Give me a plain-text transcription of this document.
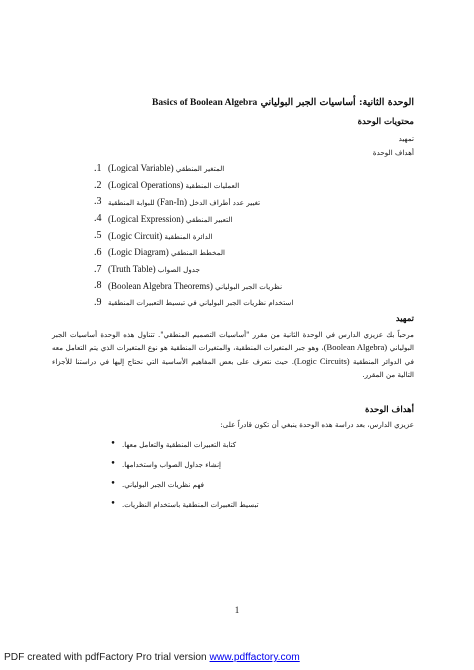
الوحدة الثانية: أساسيات الجبر البولياني Basics of Boolean Algebra
محتويات الوحدة
تمهيد
أهداف الوحدة
1.	المتغير المنطقي (Logical Variable)
2.	العمليات المنطقية (Logical Operations)
3.	تغيير عدد أطراف الدخل (Fan-In) للبوابة المنطقية
4.	التعبير المنطقي (Logical Expression)
5.	الدائرة المنطقية (Logic Circuit)
6.	المخطط المنطقي (Logic Diagram)
7.	جدول الصواب (Truth Table)
8.	نظريات الجبر البولياني (Boolean Algebra Theorems)
9. استخدام نظريات الجبر البولياني في تبسيط التعبيرات المنطقية
تمهيد
مرحباً بك عزيزي الدارس في الوحدة الثانية من مقرر "أساسيات التصميم المنطقي". تتناول هذه الوحدة أساسيات الجبر البولياني (Boolean Algebra)، وهو جبر المتغيرات المنطقية، والمتغيرات المنطقية هو نوع المتغيرات الذي يتم التعامل معه في الدوائر المنطقية (Logic Circuits). حيث نتعرف على بعض المفاهيم الأساسية التي نحتاج إليها في دراستنا للأجزاء التالية من المقرر.
أهداف الوحدة
عزيزي الدارس، بعد دراسة هذه الوحدة ينبغي أن تكون قادراً على:
• كتابة التعبيرات المنطقية والتعامل معها.
• إنشاء جداول الصواب واستخدامها.
• فهم نظريات الجبر البولياني.
• تبسيط التعبيرات المنطقية باستخدام النظريات.
1
PDF created with pdfFactory Pro trial version www.pdffactory.com
